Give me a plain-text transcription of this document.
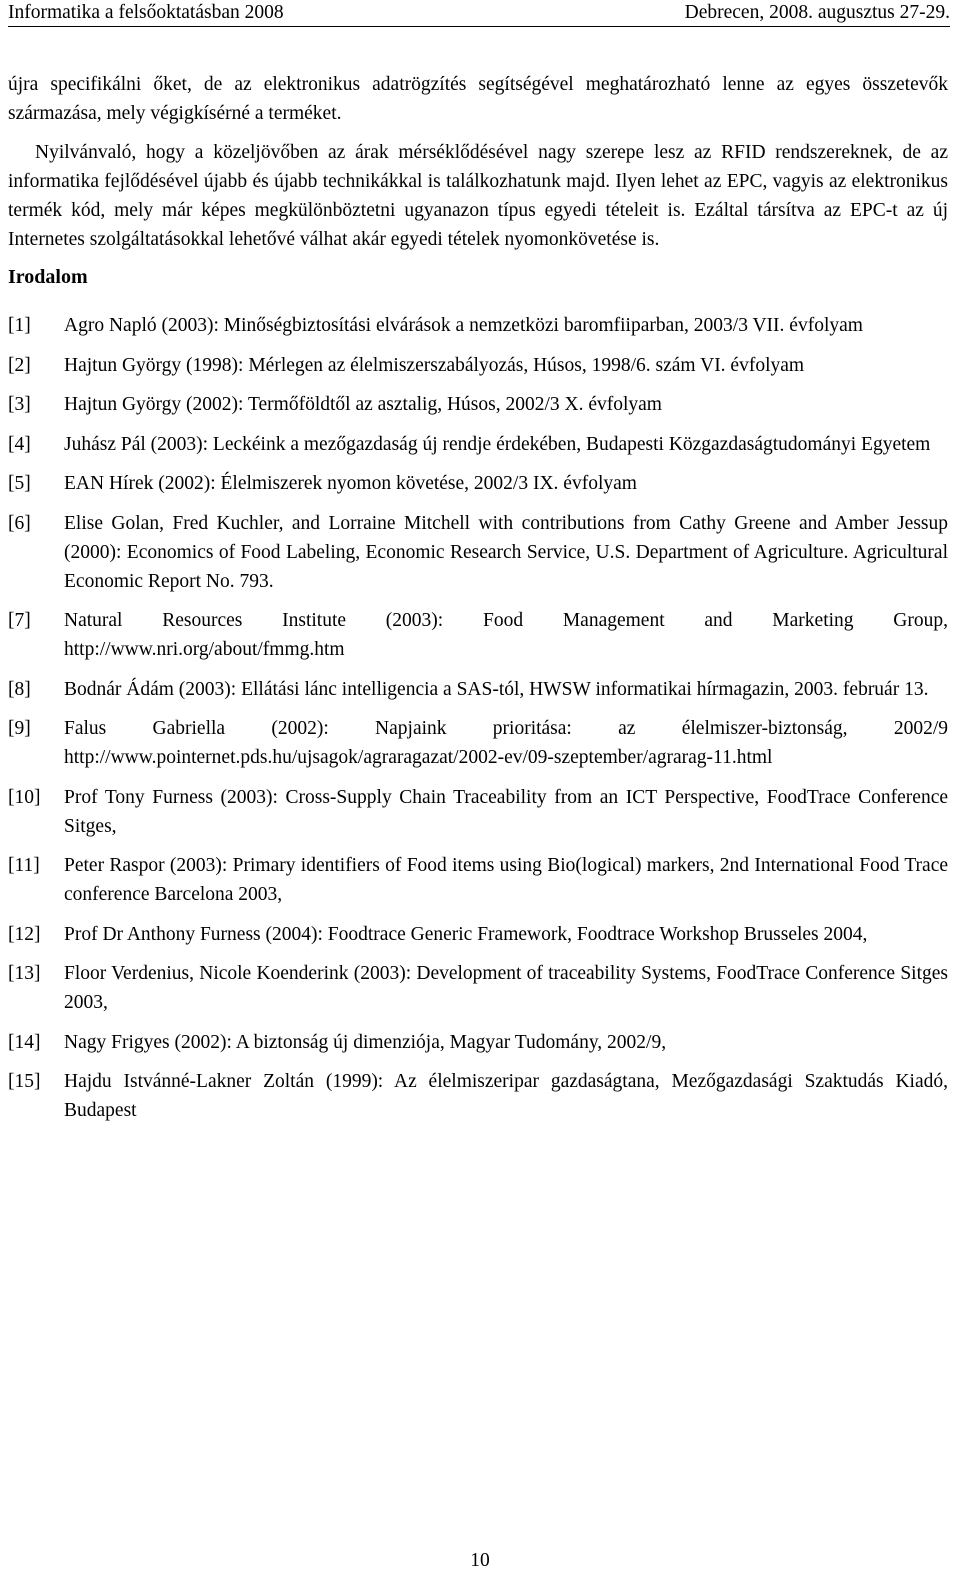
Informatika a felsőoktatásban 2008	Debrecen, 2008. augusztus 27-29.

újra specifikálni őket, de az elektronikus adatrögzítés segítségével meghatározható lenne az egyes összetevők származása, mely végigkísérné a terméket.

Nyilvánvaló, hogy a közeljövőben az árak mérséklődésével nagy szerepe lesz az RFID rendszereknek, de az informatika fejlődésével újabb és újabb technikákkal is találkozhatunk majd. Ilyen lehet az EPC, vagyis az elektronikus termék kód, mely már képes megkülönböztetni ugyanazon típus egyedi tételeit is. Ezáltal társítva az EPC-t az új Internetes szolgáltatásokkal lehetővé válhat akár egyedi tételek nyomonkövetése is.

Irodalom
[1]	Agro Napló (2003): Minőségbiztosítási elvárások a nemzetközi baromfiiparban, 2003/3 VII. évfolyam
[2]	Hajtun György (1998): Mérlegen az élelmiszerszabályozás, Húsos, 1998/6. szám VI. évfolyam
[3]	Hajtun György (2002): Termőföldtől az asztalig, Húsos, 2002/3 X. évfolyam
[4]	Juhász Pál (2003): Leckéink a mezőgazdaság új rendje érdekében, Budapesti Közgazdaságtudományi Egyetem
[5]	EAN Hírek (2002): Élelmiszerek nyomon követése, 2002/3 IX. évfolyam
[6]	Elise Golan, Fred Kuchler, and Lorraine Mitchell with contributions from Cathy Greene and Amber Jessup (2000): Economics of Food Labeling, Economic Research Service, U.S. Department of Agriculture. Agricultural Economic Report No. 793.
[7]	Natural Resources Institute (2003): Food Management and Marketing Group, http://www.nri.org/about/fmmg.htm
[8]	Bodnár Ádám (2003): Ellátási lánc intelligencia a SAS-tól, HWSW informatikai hírmagazin, 2003. február 13.
[9]	Falus Gabriella (2002): Napjaink prioritása: az élelmiszer-biztonság, 2002/9 http://www.pointernet.pds.hu/ujsagok/agraragazat/2002-ev/09-szeptember/agrarag-11.html
[10]	Prof Tony Furness (2003): Cross-Supply Chain Traceability from an ICT Perspective, FoodTrace Conference Sitges,
[11]	Peter Raspor (2003): Primary identifiers of Food items using Bio(logical) markers, 2nd International Food Trace conference Barcelona 2003,
[12]	Prof Dr Anthony Furness (2004): Foodtrace Generic Framework, Foodtrace Workshop Brusseles 2004,
[13]	Floor Verdenius, Nicole Koenderink (2003): Development of traceability Systems, FoodTrace Conference Sitges 2003,
[14]	Nagy Frigyes (2002): A biztonság új dimenziója, Magyar Tudomány, 2002/9,
[15]	Hajdu Istvánné-Lakner Zoltán (1999): Az élelmiszeripar gazdaságtana, Mezőgazdasági Szaktudás Kiadó, Budapest
10
